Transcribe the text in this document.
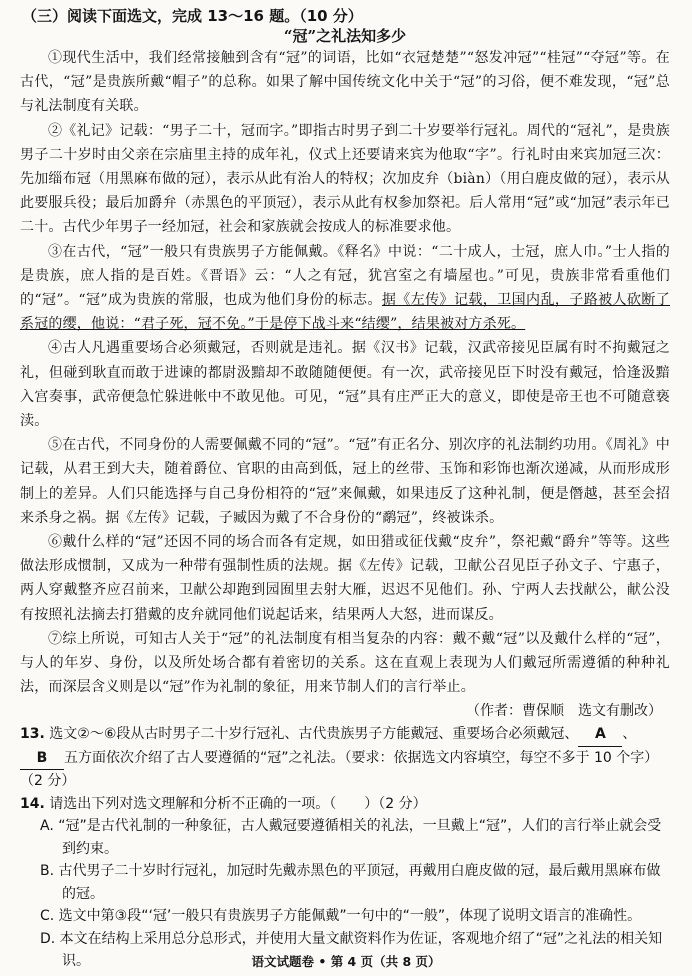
（三）阅读下面选文，完成 13～16 题。（10 分）
“冠”之礼法知多少

①现代生活中，我们经常接触到含有“冠”的词语，比如“衣冠楚楚”“怒发冲冠”“桂冠”“夺冠”等。在古代，“冠”是贵族所戴“帽子”的总称。如果了解中国传统文化中关于“冠”的习俗，便不难发现，“冠”总与礼法制度有关联。

②《礼记》记载：“男子二十，冠而字。”即指古时男子到二十岁要举行冠礼。周代的“冠礼”，是贵族男子二十岁时由父亲在宗庙里主持的成年礼，仪式上还要请来宾为他取“字”。行礼时由来宾加冠三次：先加缁布冠（用黑麻布做的冠），表示从此有治人的特权；次加皮弁（biàn）（用白鹿皮做的冠），表示从此要服兵役；最后加爵弁（赤黑色的平顶冠），表示从此有权参加祭祀。后人常用“冠”或“加冠”表示年已二十。古代少年男子一经加冠，社会和家族就会按成人的标准要求他。

③在古代，“冠”一般只有贵族男子方能佩戴。《释名》中说：“二十成人，士冠，庶人巾。”士人指的是贵族，庶人指的是百姓。《晋语》云：“人之有冠，犹宫室之有墙屋也。”可见，贵族非常看重他们的“冠”。“冠”成为贵族的常服，也成为他们身份的标志。据《左传》记载，卫国内乱，子路被人砍断了系冠的缨，他说：“君子死，冠不免。”于是停下战斗来“结缨”，结果被对方杀死。

④古人凡遇重要场合必须戴冠，否则就是违礼。据《汉书》记载，汉武帝接见臣属有时不拘戴冠之礼，但碰到耿直而敢于进谏的都尉汲黯却不敢随随便便。有一次，武帝接见臣下时没有戴冠，恰逢汲黯入宫奏事，武帝便急忙躲进帐中不敢见他。可见，“冠”具有庄严正大的意义，即使是帝王也不可随意亵渎。

⑤在古代，不同身份的人需要佩戴不同的“冠”。“冠”有正名分、别次序的礼法制约功用。《周礼》中记载，从君王到大夫，随着爵位、官职的由高到低，冠上的丝带、玉饰和彩饰也渐次递减，从而形成形制上的差异。人们只能选择与自己身份相符的“冠”来佩戴，如果违反了这种礼制，便是僭越，甚至会招来杀身之祸。据《左传》记载，子臧因为戴了不合身份的“鹬冠”，终被诛杀。

⑥戴什么样的“冠”还因不同的场合而各有定规，如田猎或征伐戴“皮弁”，祭祀戴“爵弁”等等。这些做法形成惯制，又成为一种带有强制性质的法规。据《左传》记载，卫献公召见臣子孙文子、宁惠子，两人穿戴整齐应召前来，卫献公却跑到园囿里去射大雁，迟迟不见他们。孙、宁两人去找献公，献公没有按照礼法摘去打猎戴的皮弁就同他们说起话来，结果两人大怒，进而谋反。

⑦综上所说，可知古人关于“冠”的礼法制度有相当复杂的内容：戴不戴“冠”以及戴什么样的“冠”，与人的年岁、身份，以及所处场合都有着密切的关系。这在直观上表现为人们戴冠所需遵循的种种礼法，而深层含义则是以“冠”作为礼制的象征，用来节制人们的言行举止。

（作者：曹保顺　选文有删改）

13. 选文②～⑥段从古时男子二十岁行冠礼、古代贵族男子方能戴冠、重要场合必须戴冠、 A 、B 五方面依次介绍了古人要遵循的“冠”之礼法。（要求：依据选文内容填空，每空不多于 10 个字）（2 分）

14. 请选出下列对选文理解和分析不正确的一项。（　　）（2 分）

A. “冠”是古代礼制的一种象征，古人戴冠要遵循相关的礼法，一旦戴上“冠”，人们的言行举止就会受到约束。

B. 古代男子二十岁时行冠礼，加冠时先戴赤黑色的平顶冠，再戴用白鹿皮做的冠，最后戴用黑麻布做的冠。

C. 选文中第③段“‘冠’一般只有贵族男子方能佩戴”一句中的“一般”，体现了说明文语言的准确性。

D. 本文在结构上采用总分总形式，并使用大量文献资料作为佐证，客观地介绍了“冠”之礼法的相关知识。	语文试题卷 • 第 4 页（共 8 页）
